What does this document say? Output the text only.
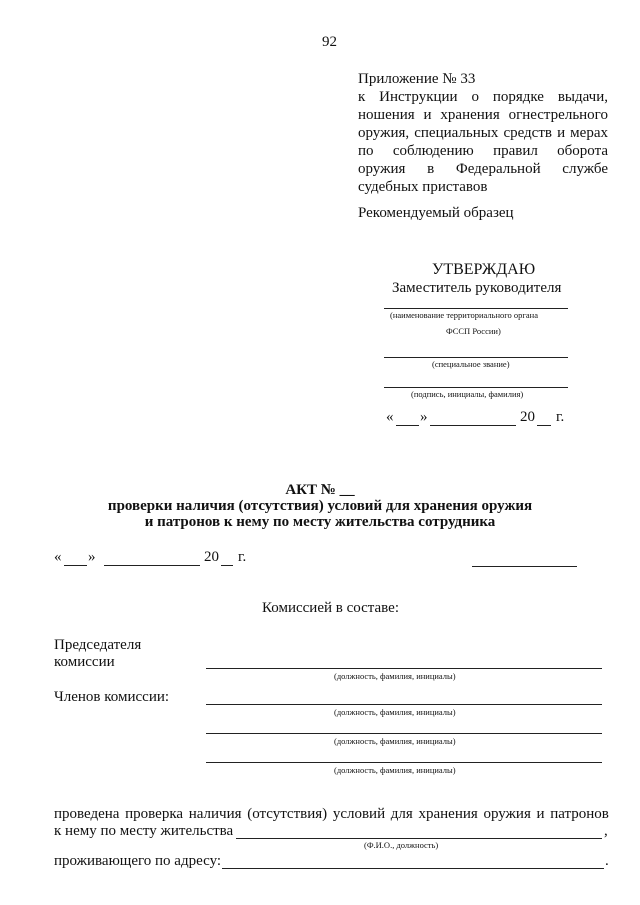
92
Приложение № 33
к Инструкции о порядке выдачи,
ношения и хранения огнестрельного
оружия, специальных средств и мерах
по соблюдению правил оборота
оружия в Федеральной службе
судебных приставов
Рекомендуемый образец
УТВЕРЖДАЮ
Заместитель руководителя
(наименование территориального органа
ФССП России)
(специальное звание)
(подпись, инициалы, фамилия)
« »	20 г.
АКТ № __
проверки наличия (отсутствия) условий для хранения оружия
и патронов к нему по месту жительства сотрудника
« »	20 г.
Комиссией в составе:
Председателя
комиссии
(должность, фамилия, инициалы)
Членов комиссии:
(должность, фамилия, инициалы)
(должность, фамилия, инициалы)
(должность, фамилия, инициалы)
проведена проверка наличия (отсутствия) условий для хранения оружия и патронов
к нему по месту жительства	,
(Ф.И.О., должность)
проживающего по адресу:	.
